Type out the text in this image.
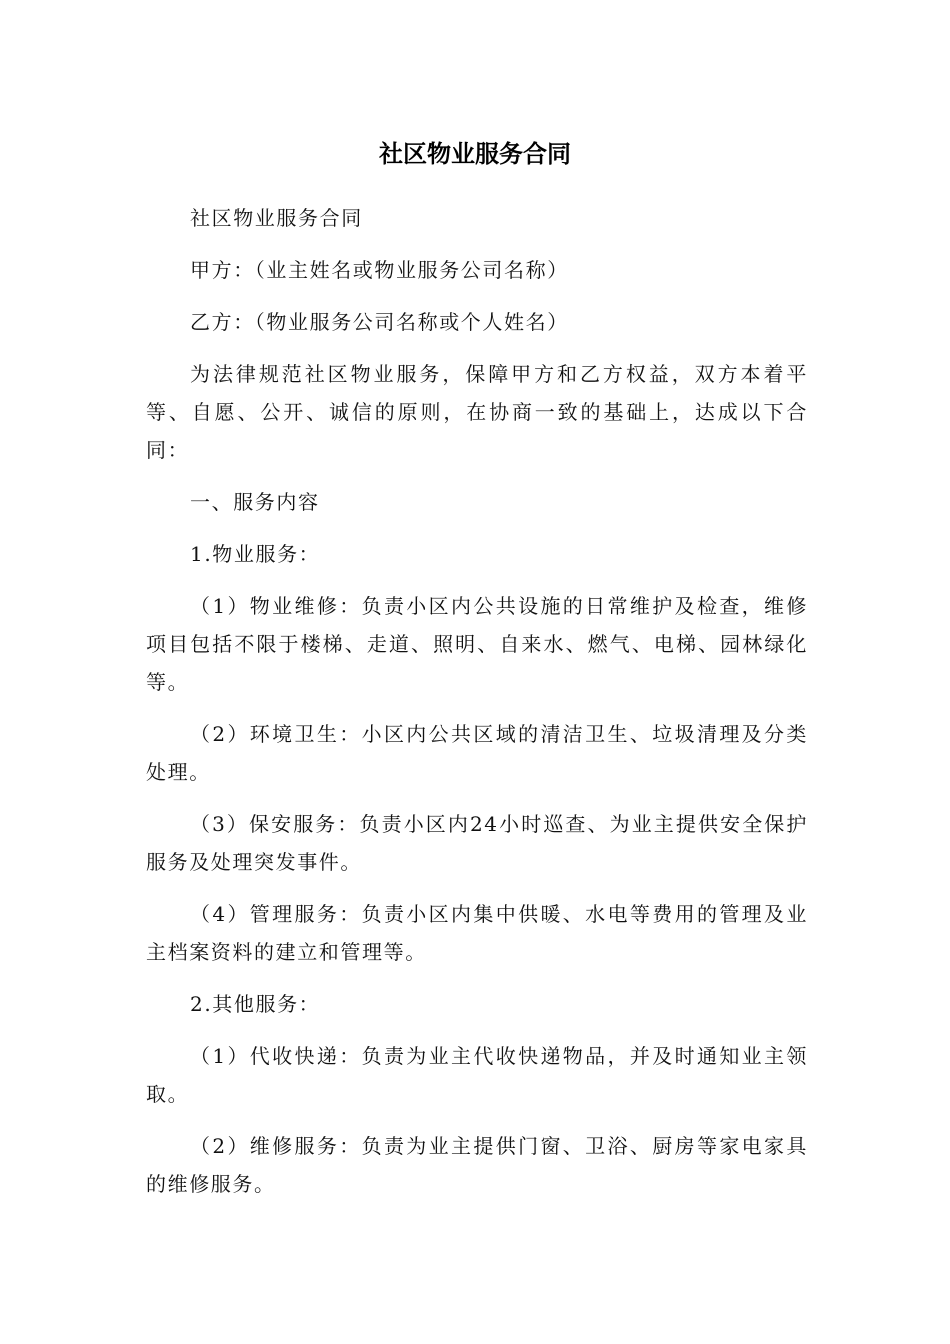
社区物业服务合同

社区物业服务合同

甲方：（业主姓名或物业服务公司名称）

乙方：（物业服务公司名称或个人姓名）

为法律规范社区物业服务，保障甲方和乙方权益，双方本着平等、自愿、公开、诚信的原则，在协商一致的基础上，达成以下合同：

一、服务内容

1.物业服务：

（1）物业维修：负责小区内公共设施的日常维护及检查，维修项目包括不限于楼梯、走道、照明、自来水、燃气、电梯、园林绿化等。

（2）环境卫生：小区内公共区域的清洁卫生、垃圾清理及分类处理。

（3）保安服务：负责小区内24小时巡查、为业主提供安全保护服务及处理突发事件。

（4）管理服务：负责小区内集中供暖、水电等费用的管理及业主档案资料的建立和管理等。

2.其他服务：

（1）代收快递：负责为业主代收快递物品，并及时通知业主领取。

（2）维修服务：负责为业主提供门窗、卫浴、厨房等家电家具的维修服务。
